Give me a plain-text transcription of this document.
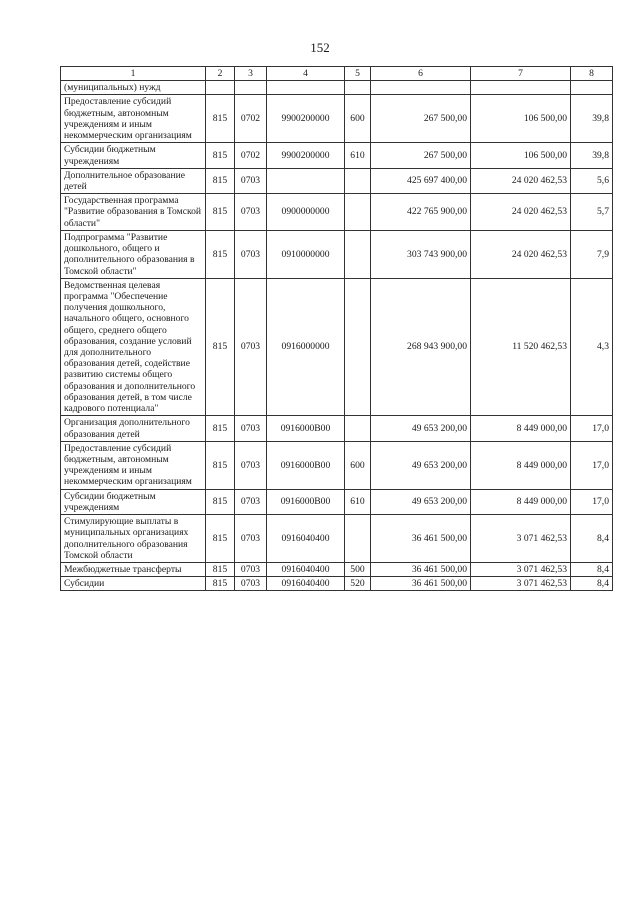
152
1	2	3	4	5	6	7	8
(муниципальных) нужд							
Предоставление субсидий бюджетным, автономным учреждениям и иным некоммерческим организациям	815	0702	9900200000	600	267 500,00	106 500,00	39,8
Субсидии бюджетным учреждениям	815	0702	9900200000	610	267 500,00	106 500,00	39,8
Дополнительное образование детей	815	0703			425 697 400,00	24 020 462,53	5,6
Государственная программа "Развитие образования в Томской области"	815	0703	0900000000		422 765 900,00	24 020 462,53	5,7
Подпрограмма "Развитие дошкольного, общего и дополнительного образования в Томской области"	815	0703	0910000000		303 743 900,00	24 020 462,53	7,9
Ведомственная целевая программа "Обеспечение получения дошкольного, начального общего, основного общего, среднего общего образования, создание условий для дополнительного образования детей, содействие развитию системы общего образования и дополнительного образования детей, в том числе кадрового потенциала"	815	0703	0916000000		268 943 900,00	11 520 462,53	4,3
Организация дополнительного образования детей	815	0703	0916000В00		49 653 200,00	8 449 000,00	17,0
Предоставление субсидий бюджетным, автономным учреждениям и иным некоммерческим организациям	815	0703	0916000В00	600	49 653 200,00	8 449 000,00	17,0
Субсидии бюджетным учреждениям	815	0703	0916000В00	610	49 653 200,00	8 449 000,00	17,0
Стимулирующие выплаты в муниципальных организациях дополнительного образования Томской области	815	0703	0916040400		36 461 500,00	3 071 462,53	8,4
Межбюджетные трансферты	815	0703	0916040400	500	36 461 500,00	3 071 462,53	8,4
Субсидии	815	0703	0916040400	520	36 461 500,00	3 071 462,53	8,4
